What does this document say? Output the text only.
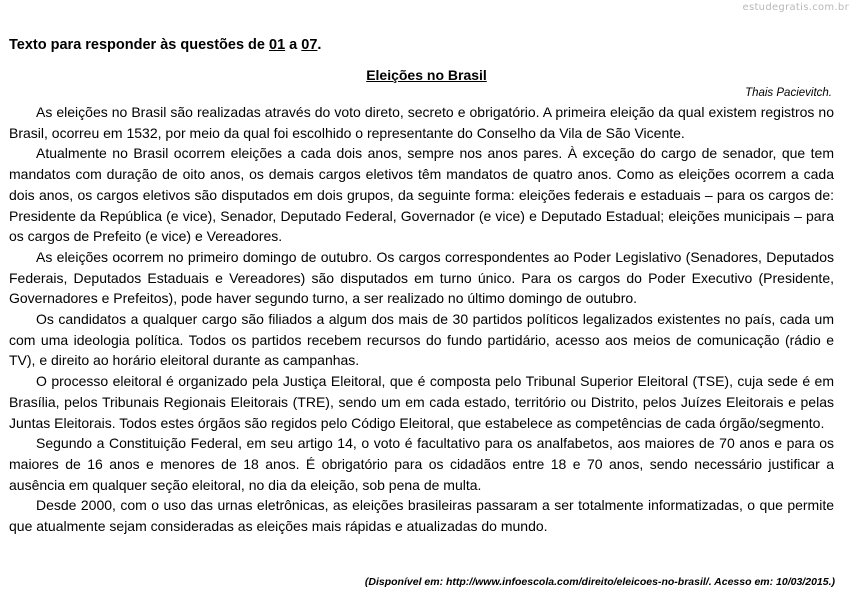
estudegratis.com.br
Texto para responder às questões de 01 a 07.
Eleições no Brasil
Thais Pacievitch.

As eleições no Brasil são realizadas através do voto direto, secreto e obrigatório. A primeira eleição da qual existem registros no Brasil, ocorreu em 1532, por meio da qual foi escolhido o representante do Conselho da Vila de São Vicente.

Atualmente no Brasil ocorrem eleições a cada dois anos, sempre nos anos pares. À exceção do cargo de senador, que tem mandatos com duração de oito anos, os demais cargos eletivos têm mandatos de quatro anos. Como as eleições ocorrem a cada dois anos, os cargos eletivos são disputados em dois grupos, da seguinte forma: eleições federais e estaduais – para os cargos de: Presidente da República (e vice), Senador, Deputado Federal, Governador (e vice) e Deputado Estadual; eleições municipais – para os cargos de Prefeito (e vice) e Vereadores.

As eleições ocorrem no primeiro domingo de outubro. Os cargos correspondentes ao Poder Legislativo (Senadores, Deputados Federais, Deputados Estaduais e Vereadores) são disputados em turno único. Para os cargos do Poder Executivo (Presidente, Governadores e Prefeitos), pode haver segundo turno, a ser realizado no último domingo de outubro.

Os candidatos a qualquer cargo são filiados a algum dos mais de 30 partidos políticos legalizados existentes no país, cada um com uma ideologia política. Todos os partidos recebem recursos do fundo partidário, acesso aos meios de comunicação (rádio e TV), e direito ao horário eleitoral durante as campanhas.

O processo eleitoral é organizado pela Justiça Eleitoral, que é composta pelo Tribunal Superior Eleitoral (TSE), cuja sede é em Brasília, pelos Tribunais Regionais Eleitorais (TRE), sendo um em cada estado, território ou Distrito, pelos Juízes Eleitorais e pelas Juntas Eleitorais. Todos estes órgãos são regidos pelo Código Eleitoral, que estabelece as competências de cada órgão/segmento.

Segundo a Constituição Federal, em seu artigo 14, o voto é facultativo para os analfabetos, aos maiores de 70 anos e para os maiores de 16 anos e menores de 18 anos. É obrigatório para os cidadãos entre 18 e 70 anos, sendo necessário justificar a ausência em qualquer seção eleitoral, no dia da eleição, sob pena de multa.

Desde 2000, com o uso das urnas eletrônicas, as eleições brasileiras passaram a ser totalmente informatizadas, o que permite que atualmente sejam consideradas as eleições mais rápidas e atualizadas do mundo.

(Disponível em: http://www.infoescola.com/direito/eleicoes-no-brasil/. Acesso em: 10/03/2015.)
